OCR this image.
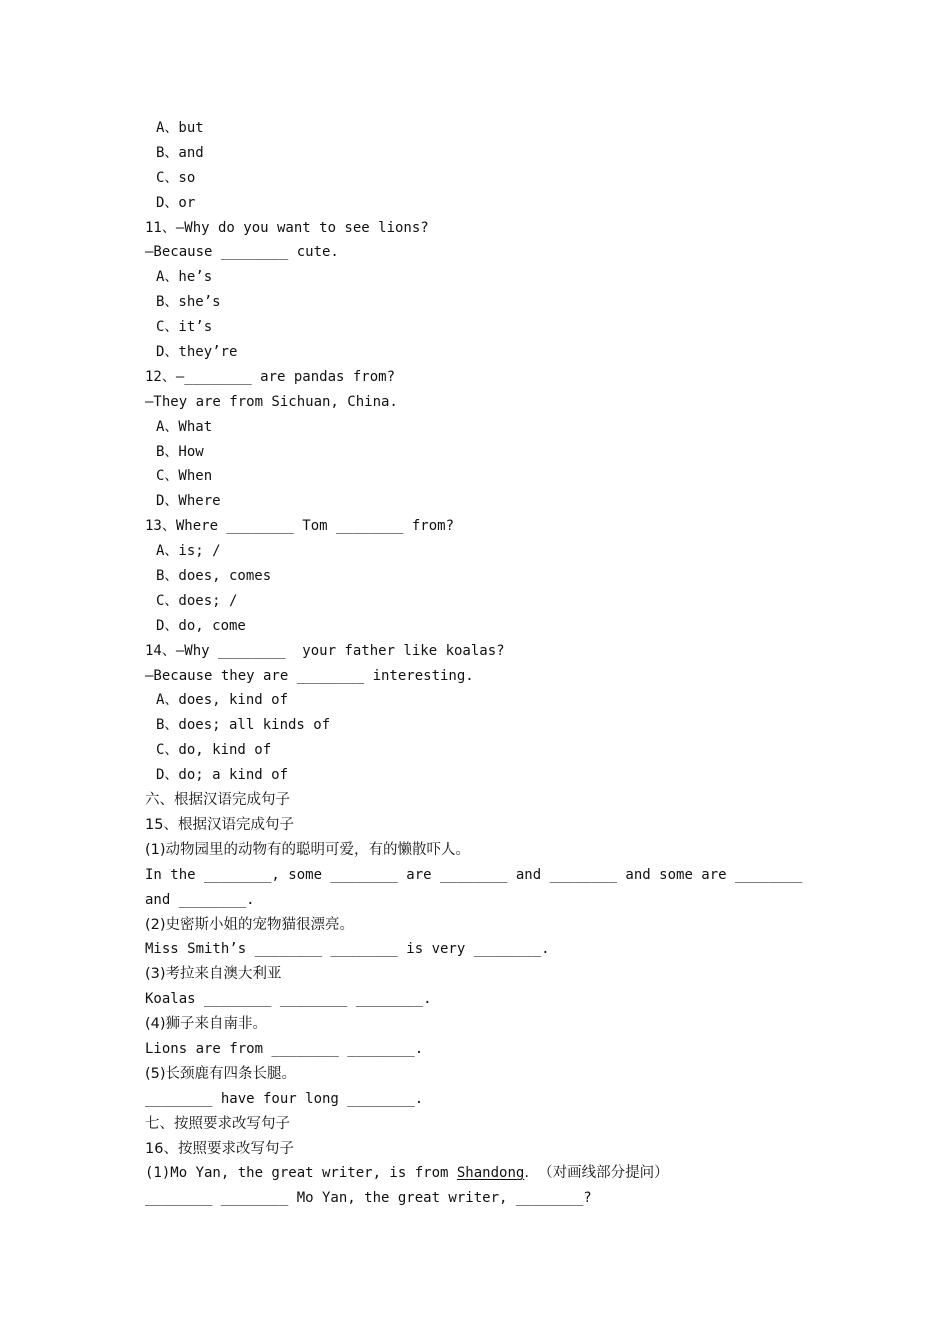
A、but
B、and
C、so
D、or
11、—Why do you want to see lions?
—Because ________ cute.
A、he’s
B、she’s
C、it’s
D、they’re
12、—________ are pandas from?
—They are from Sichuan, China.
A、What
B、How
C、When
D、Where
13、Where ________ Tom ________ from?
A、is; /
B、does, comes
C、does; /
D、do, come
14、—Why ________  your father like koalas?
—Because they are ________ interesting.
A、does, kind of
B、does; all kinds of
C、do, kind of
D、do; a kind of
六、根据汉语完成句子
15、根据汉语完成句子
(1)动物园里的动物有的聪明可爱，有的懒散吓人。
In the ________, some ________ are ________ and ________ and some are ________
and ________.
(2)史密斯小姐的宠物猫很漂亮。
Miss Smith’s ________ ________ is very ________.
(3)考拉来自澳大利亚
Koalas ________ ________ ________.
(4)狮子来自南非。
Lions are from ________ ________.
(5)长颈鹿有四条长腿。
________ have four long ________.
七、按照要求改写句子
16、按照要求改写句子
(1)Mo Yan, the great writer, is from Shandong.  （对画线部分提问）
________ ________ Mo Yan, the great writer, ________?
